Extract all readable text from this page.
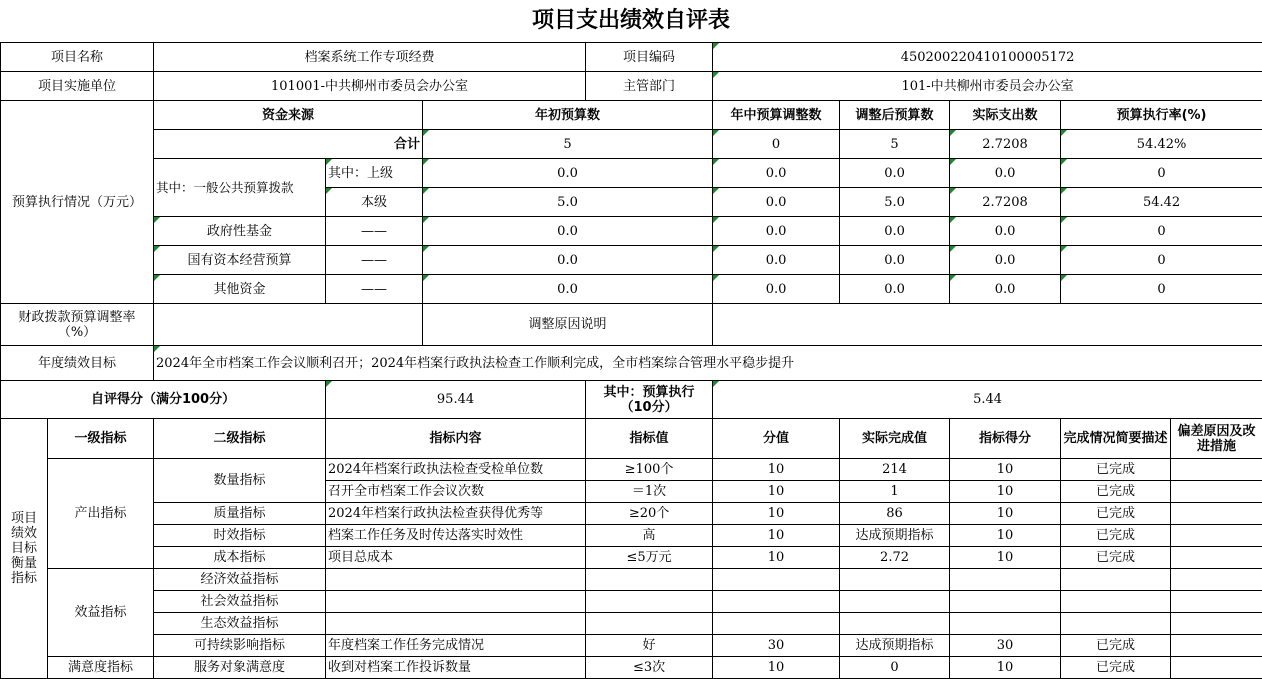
项目支出绩效自评表
项目名称		档案系统工作专项经费			项目编码	450200220410100005172				
项目实施单位		101001-中共柳州市委员会办公室			主管部门	101-中共柳州市委员会办公室				
预算执行情况（万元）		资金来源		年初预算数		年中预算调整数	调整后预算数	实际支出数	预算执行率(%)	
		合计		5		0	5	2.7208	54.42%	
		其中：一般公共预算拨款	其中：上级	0.0		0.0	0.0	0.0	0	
			本级	5.0		0.0	5.0	2.7208	54.42	
		政府性基金	——	0.0		0.0	0.0	0.0	0	
		国有资本经营预算	——	0.0		0.0	0.0	0.0	0	
		其他资金	——	0.0		0.0	0.0	0.0	0	
财政拨款预算调整率（%）				调整原因说明						
年度绩效目标		2024年全市档案工作会议顺利召开；2024年档案行政执法检查工作顺利完成，全市档案综合管理水平稳步提升								
自评得分（满分100分）			95.44		其中：预算执行（10分）	5.44				
项目绩效目标衡量指标	一级指标	二级指标	指标内容		指标值	分值	实际完成值	指标得分	完成情况简要描述	偏差原因及改进措施
	产出指标	数量指标	2024年档案行政执法检查受检单位数		≥100个	10	214	10	已完成	
			召开全市档案工作会议次数		＝1次	10	1	10	已完成	
		质量指标	2024年档案行政执法检查获得优秀等		≥20个	10	86	10	已完成	
		时效指标	档案工作任务及时传达落实时效性		高	10	达成预期指标	10	已完成	
		成本指标	项目总成本		≤5万元	10	2.72	10	已完成	
	效益指标	经济效益指标								
		社会效益指标								
		生态效益指标								
		可持续影响指标	年度档案工作任务完成情况		好	30	达成预期指标	30	已完成	
	满意度指标	服务对象满意度	收到对档案工作投诉数量		≤3次	10	0	10	已完成	
